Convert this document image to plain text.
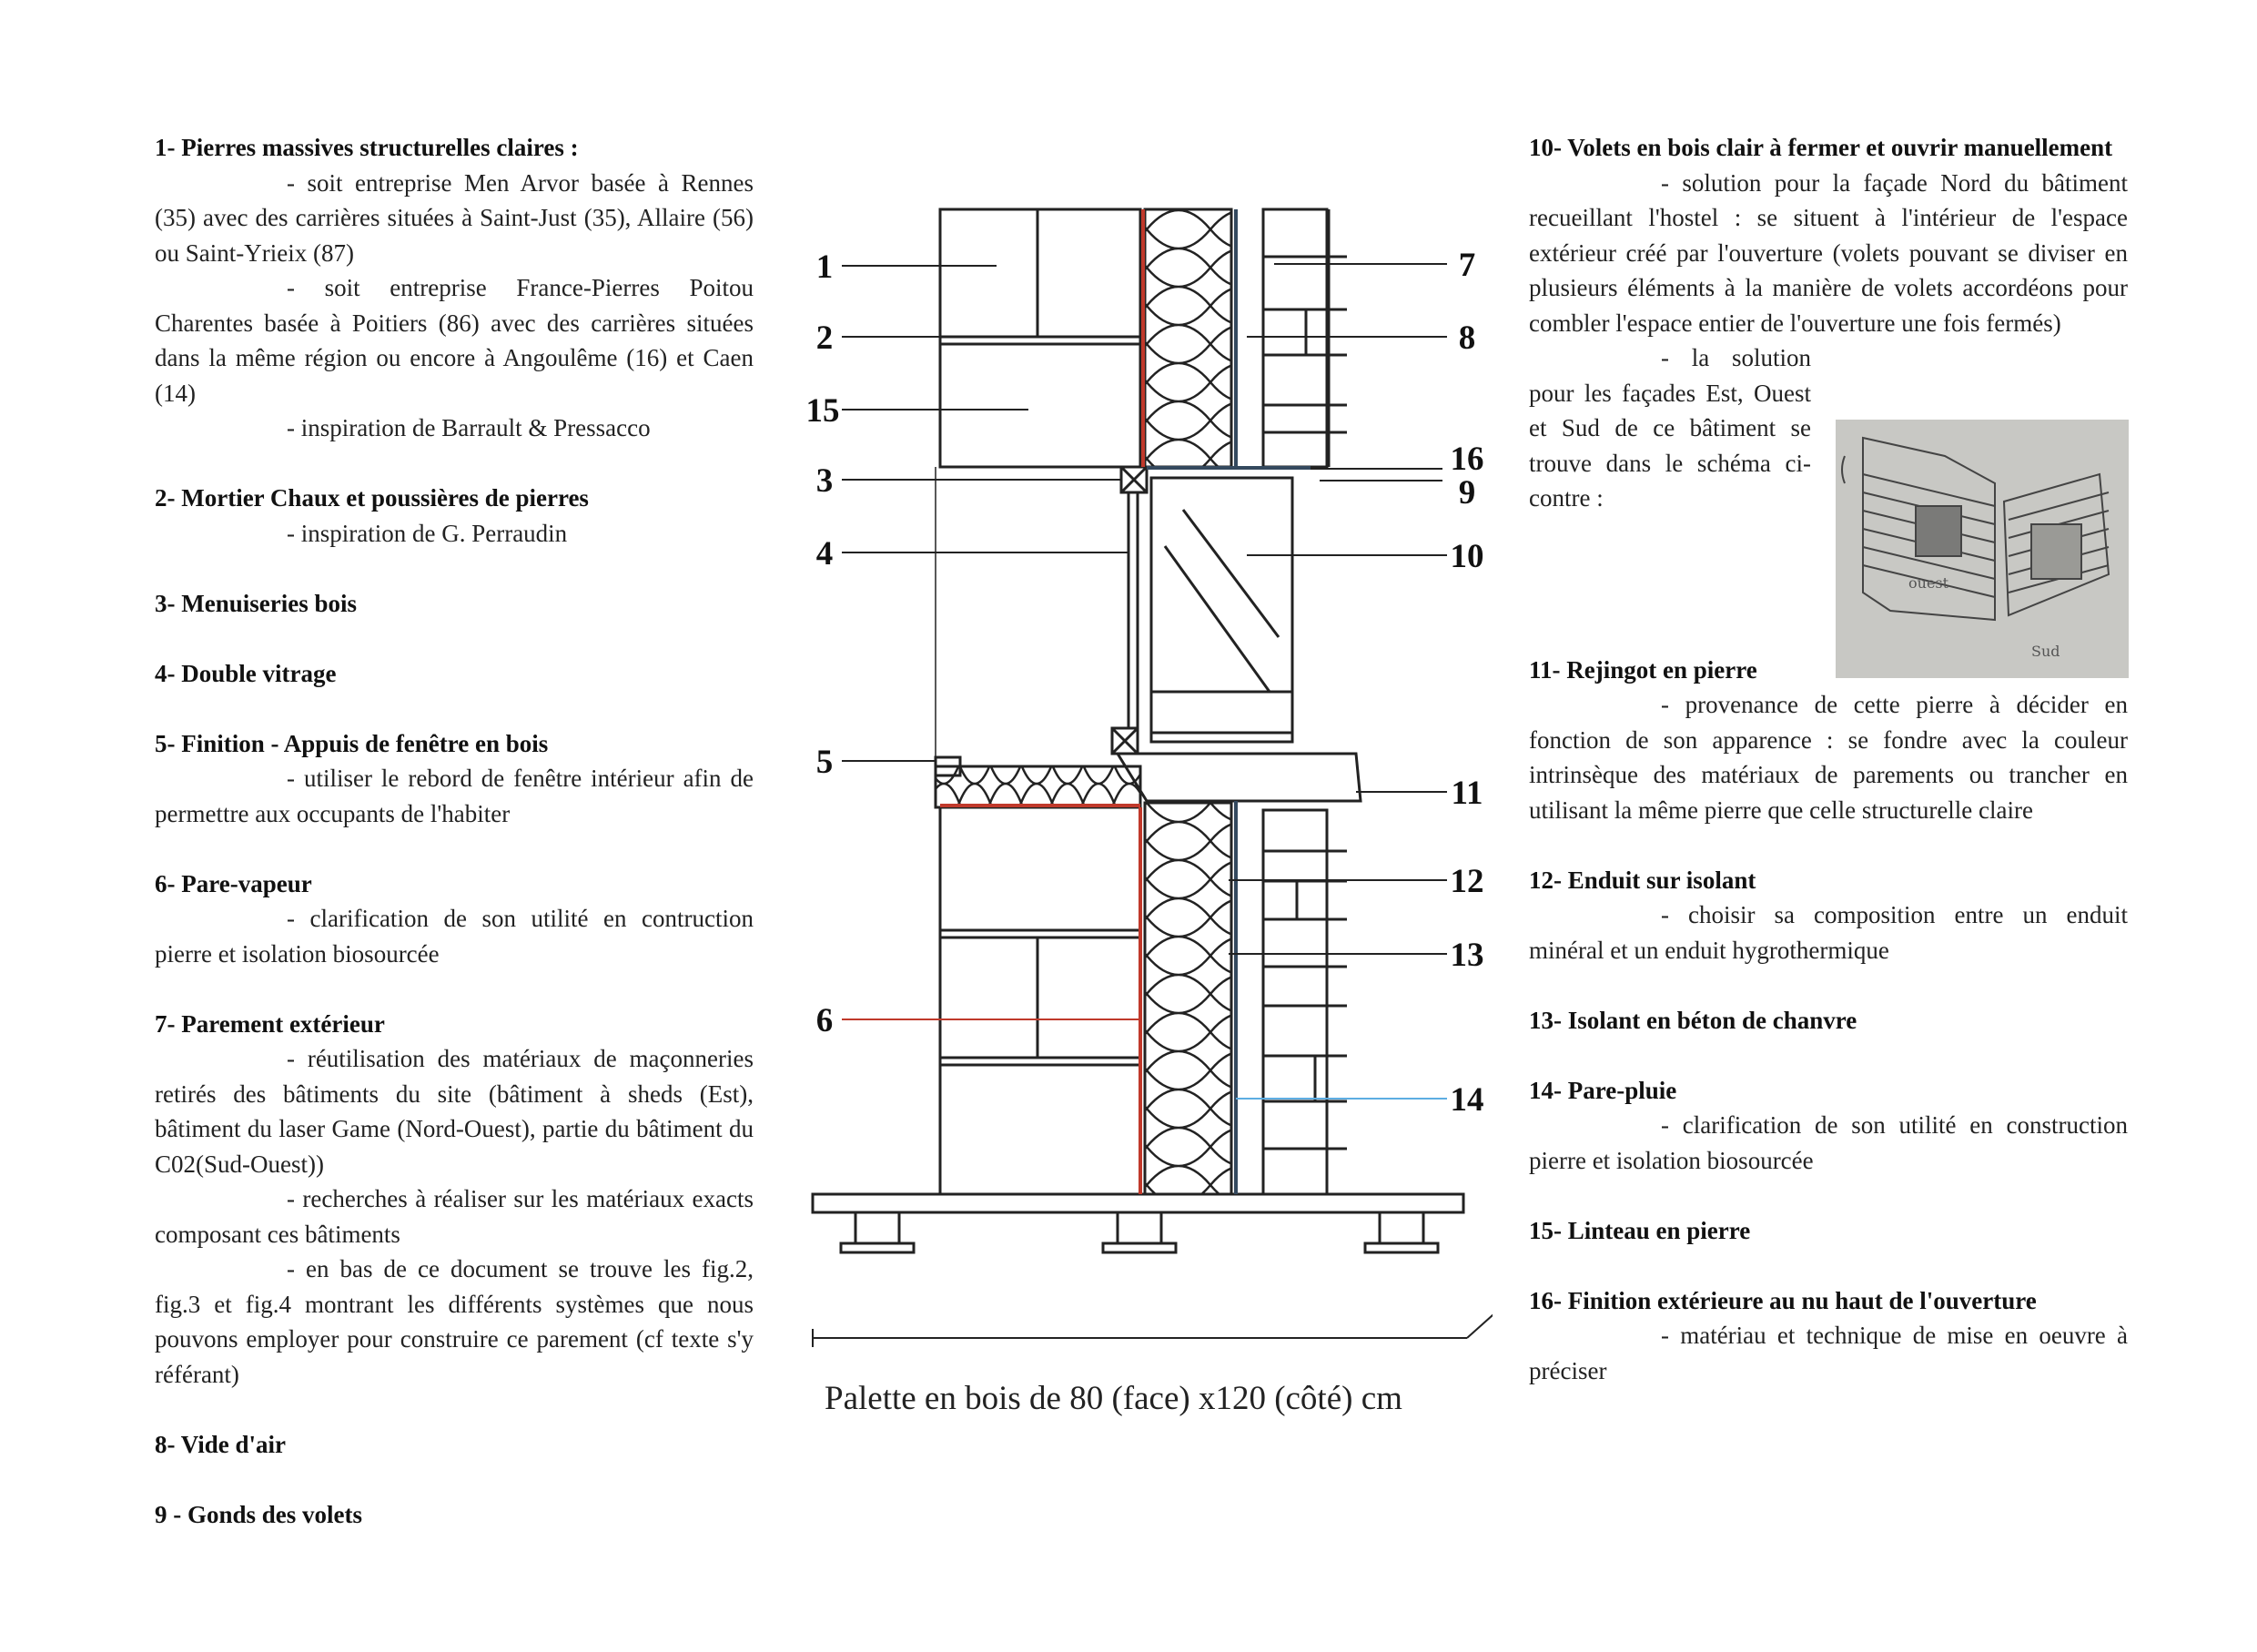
1- Pierres massives structurelles claires :

- soit entreprise Men Arvor basée à Rennes (35) avec des carrières situées à Saint-Just (35), Allaire (56) ou Saint-Yrieix (87)

- soit entreprise France-Pierres Poitou Charentes basée à Poitiers (86) avec des carrières situées dans la même région ou encore à Angoulême (16) et Caen (14)

- inspiration de Barrault & Pressacco

2- Mortier Chaux et poussières de pierres

- inspiration de G. Perraudin

3- Menuiseries bois
4- Double vitrage
5- Finition - Appuis de fenêtre en bois

- utiliser le rebord de fenêtre intérieur afin de permettre aux occupants de l'habiter

6- Pare-vapeur

- clarification de son utilité en contruction pierre et isolation biosourcée

7- Parement extérieur

- réutilisation des matériaux de maçonneries retirés des bâtiments du site (bâtiment à sheds (Est), bâtiment du laser Game (Nord-Ouest), partie du bâtiment du C02(Sud-Ouest))

- recherches à réaliser sur les matériaux exacts composant ces bâtiments

- en bas de ce document se trouve les fig.2, fig.3 et fig.4 montrant les différents systèmes que nous pouvons employer pour construire ce parement (cf texte s'y référant)

8- Vide d'air
9 - Gonds des volets
10- Volets en bois clair à fermer et ouvrir manuellement

- solution pour la façade Nord du bâtiment recueillant l'hostel : se situent à l'intérieur de l'espace extérieur créé par l'ouverture (volets pouvant se diviser en plusieurs éléments à la manière de volets accordéons pour combler l'espace entier de l'ouverture une fois fermés)

- la solution pour les façades Est, Ouest et Sud de ce bâtiment se trouve dans le schéma ci-contre :

11- Rejingot en pierre

- provenance de cette pierre à décider en fonction de son apparence : se fondre avec la couleur intrinsèque des matériaux de parements ou trancher en utilisant la même pierre que celle structurelle claire

12- Enduit sur isolant

- choisir sa composition entre un enduit minéral et un enduit hygrothermique

13- Isolant en béton de chanvre
14- Pare-pluie

- clarification de son utilité en construction pierre et isolation biosourcée

15- Linteau en pierre
16- Finition extérieure au nu haut de l'ouverture

- matériau et technique de mise en oeuvre à préciser

ouest
Sud
1
2
15
3
4
5
6
7
8
16
9
10
11
12
13
14
Palette en bois de 80 (face) x120 (côté) cm
